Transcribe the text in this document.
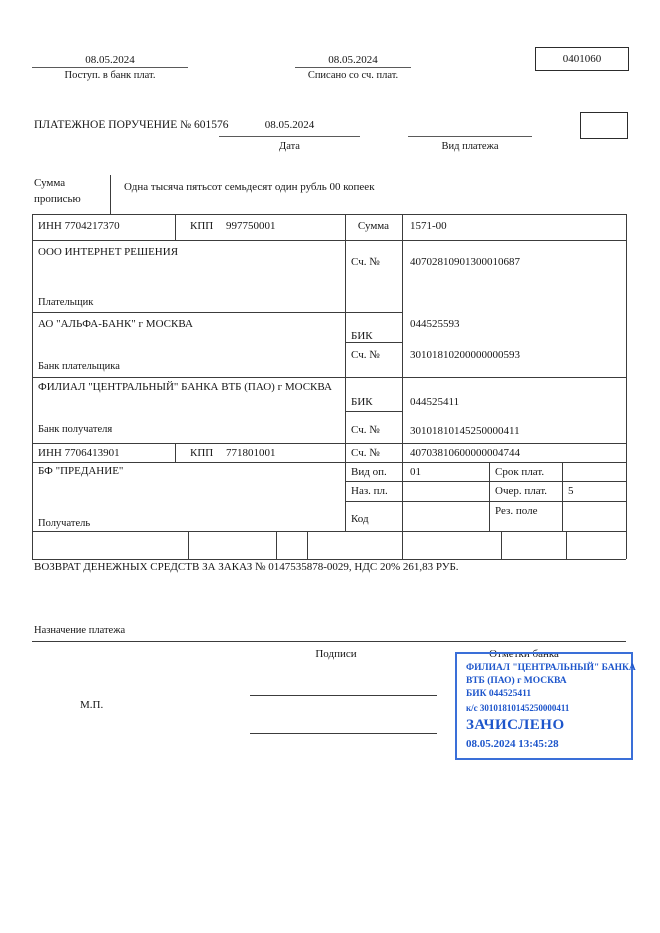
08.05.2024
Поступ. в банк плат.
08.05.2024
Списано со сч. плат.
0401060
ПЛАТЕЖНОЕ ПОРУЧЕНИЕ № 601576	08.05.2024
Дата	Вид платежа
Сумма прописью
Одна тысяча пятьсот семьдесят один рубль 00 копеек
ИНН 7704217370	КПП 997750001	Сумма	1571-00
ООО ИНТЕРНЕТ РЕШЕНИЯ
Сч. №	40702810901300010687
Плательщик
АО "АЛЬФА-БАНК" г МОСКВА
БИК
044525593
Сч. №	30101810200000000593
Банк плательщика
ФИЛИАЛ "ЦЕНТРАЛЬНЫЙ" БАНКА ВТБ (ПАО) г МОСКВА
БИК	044525411
Банк получателя	Сч. №	30101810145250000411
ИНН 7706413901	КПП 771801001	Сч. №	40703810600000004744
БФ "ПРЕДАНИЕ"
Получатель
Вид оп. 01	Срок плат.
Наз. пл.	Очер. плат. 5
Код
Рез. поле
ВОЗВРАТ ДЕНЕЖНЫХ СРЕДСТВ ЗА ЗАКАЗ № 0147535878-0029, НДС 20% 261,83 РУБ.
Назначение платежа
Подписи	Отметки банка
М.П.
ФИЛИАЛ "ЦЕНТРАЛЬНЫЙ" БАНКА
ВТБ (ПАО) г МОСКВА
БИК 044525411
к/с 30101810145250000411
ЗАЧИСЛЕНО
08.05.2024 13:45:28
